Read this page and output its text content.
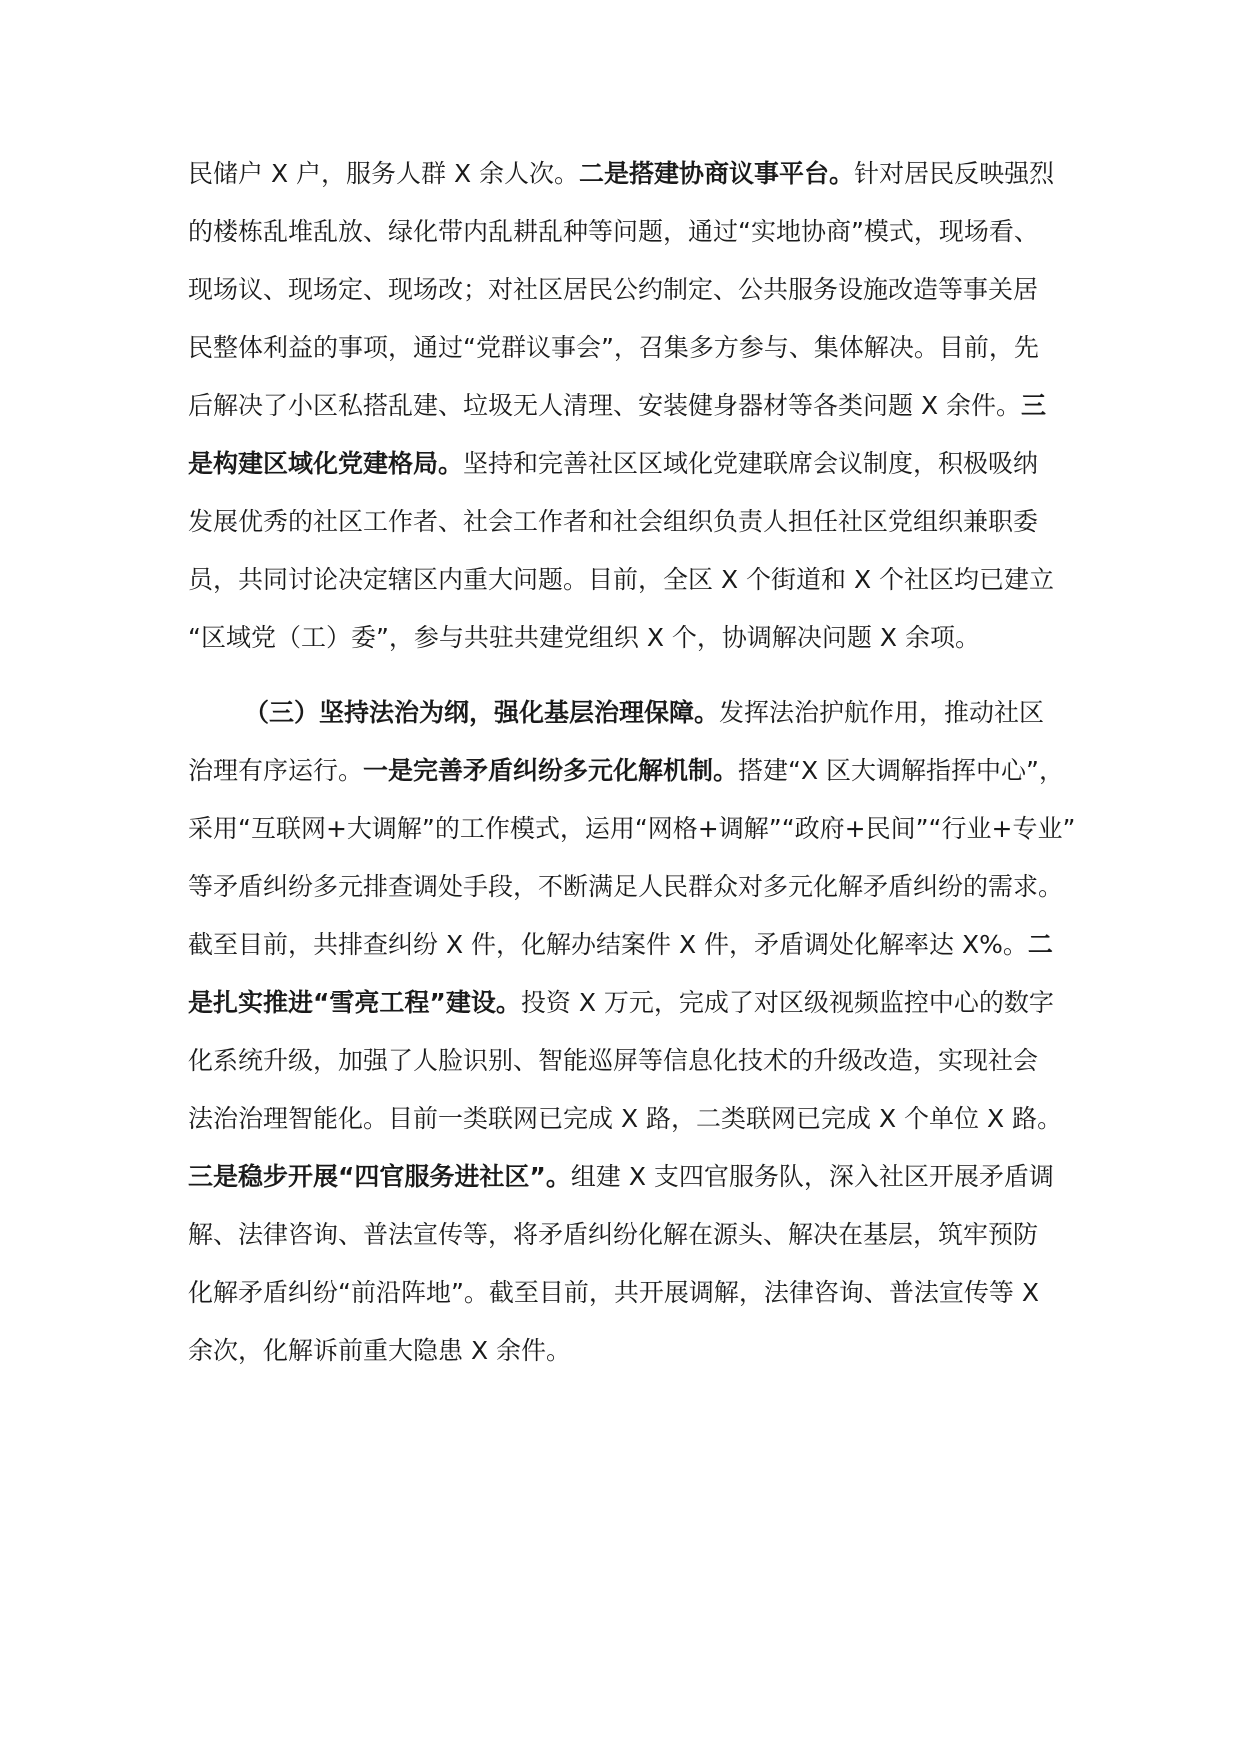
民储户 X 户，服务人群 X 余人次。二是搭建协商议事平台。针对居民反映强烈
的楼栋乱堆乱放、绿化带内乱耕乱种等问题，通过“实地协商”模式，现场看、
现场议、现场定、现场改；对社区居民公约制定、公共服务设施改造等事关居
民整体利益的事项，通过“党群议事会”，召集多方参与、集体解决。目前，先
后解决了小区私搭乱建、垃圾无人清理、安装健身器材等各类问题 X 余件。三
是构建区域化党建格局。坚持和完善社区区域化党建联席会议制度，积极吸纳
发展优秀的社区工作者、社会工作者和社会组织负责人担任社区党组织兼职委
员，共同讨论决定辖区内重大问题。目前，全区 X 个街道和 X 个社区均已建立
“区域党（工）委”，参与共驻共建党组织 X 个，协调解决问题 X 余项。
（三）坚持法治为纲，强化基层治理保障。发挥法治护航作用，推动社区
治理有序运行。一是完善矛盾纠纷多元化解机制。搭建“X 区大调解指挥中心”，
采用“互联网+大调解”的工作模式，运用“网格+调解”“政府+民间”“行业+专业”
等矛盾纠纷多元排查调处手段，不断满足人民群众对多元化解矛盾纠纷的需求。
截至目前，共排查纠纷 X 件，化解办结案件 X 件，矛盾调处化解率达 X%。二
是扎实推进“雪亮工程”建设。投资 X 万元，完成了对区级视频监控中心的数字
化系统升级，加强了人脸识别、智能巡屏等信息化技术的升级改造，实现社会
法治治理智能化。目前一类联网已完成 X 路，二类联网已完成 X 个单位 X 路。
三是稳步开展“四官服务进社区”。组建 X 支四官服务队，深入社区开展矛盾调
解、法律咨询、普法宣传等，将矛盾纠纷化解在源头、解决在基层，筑牢预防
化解矛盾纠纷“前沿阵地”。截至目前，共开展调解，法律咨询、普法宣传等 X
余次，化解诉前重大隐患 X 余件。
